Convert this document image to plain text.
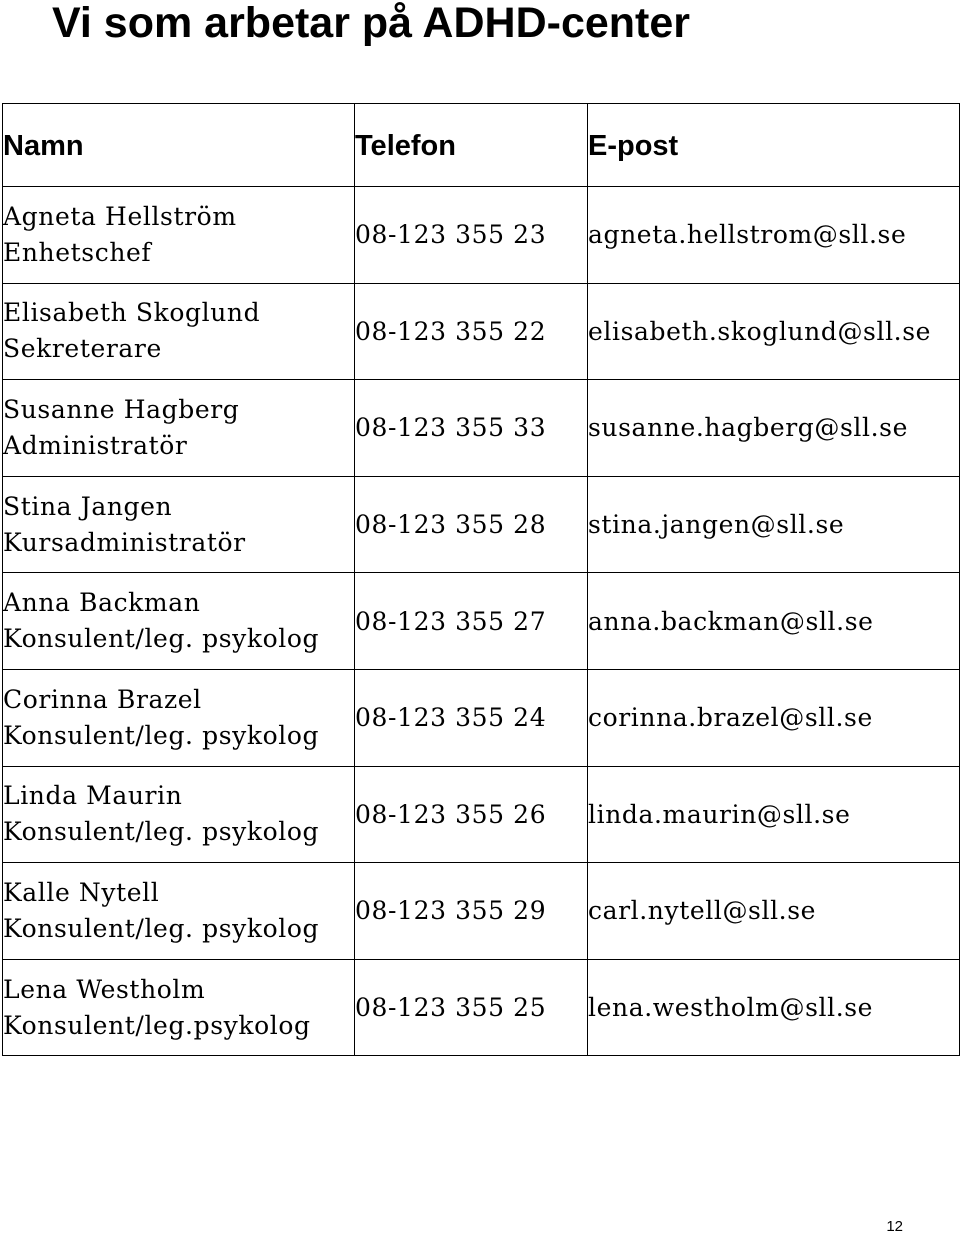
Vi som arbetar på ADHD-center
Namn	Telefon	E-post

Agneta Hellström
Enhetschef	08-123 355 23	agneta.hellstrom@sll.se

Elisabeth Skoglund
Sekreterare	08-123 355 22	elisabeth.skoglund@sll.se

Susanne Hagberg
Administratör	08-123 355 33	susanne.hagberg@sll.se

Stina Jangen
Kursadministratör	08-123 355 28	stina.jangen@sll.se

Anna Backman
Konsulent/leg. psykolog	08-123 355 27	anna.backman@sll.se

Corinna Brazel
Konsulent/leg. psykolog	08-123 355 24	corinna.brazel@sll.se

Linda Maurin
Konsulent/leg. psykolog	08-123 355 26	linda.maurin@sll.se

Kalle Nytell
Konsulent/leg. psykolog	08-123 355 29	carl.nytell@sll.se

Lena Westholm
Konsulent/leg.psykolog	08-123 355 25	lena.westholm@sll.se
12
